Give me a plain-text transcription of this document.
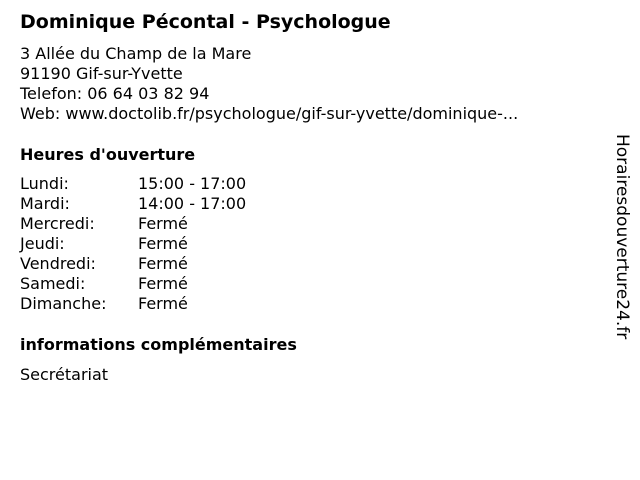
Dominique Pécontal - Psychologue
3 Allée du Champ de la Mare
91190 Gif-sur-Yvette
Telefon: 06 64 03 82 94
Web: www.doctolib.fr/psychologue/gif-sur-yvette/dominique-...
Heures d'ouverture
Lundi:	15:00 - 17:00
Mardi:	14:00 - 17:00
Mercredi:	Fermé
Jeudi:	Fermé
Vendredi:	Fermé
Samedi:	Fermé
Dimanche: Fermé
informations complémentaires
Secrétariat
Horairesdouverture24.fr
